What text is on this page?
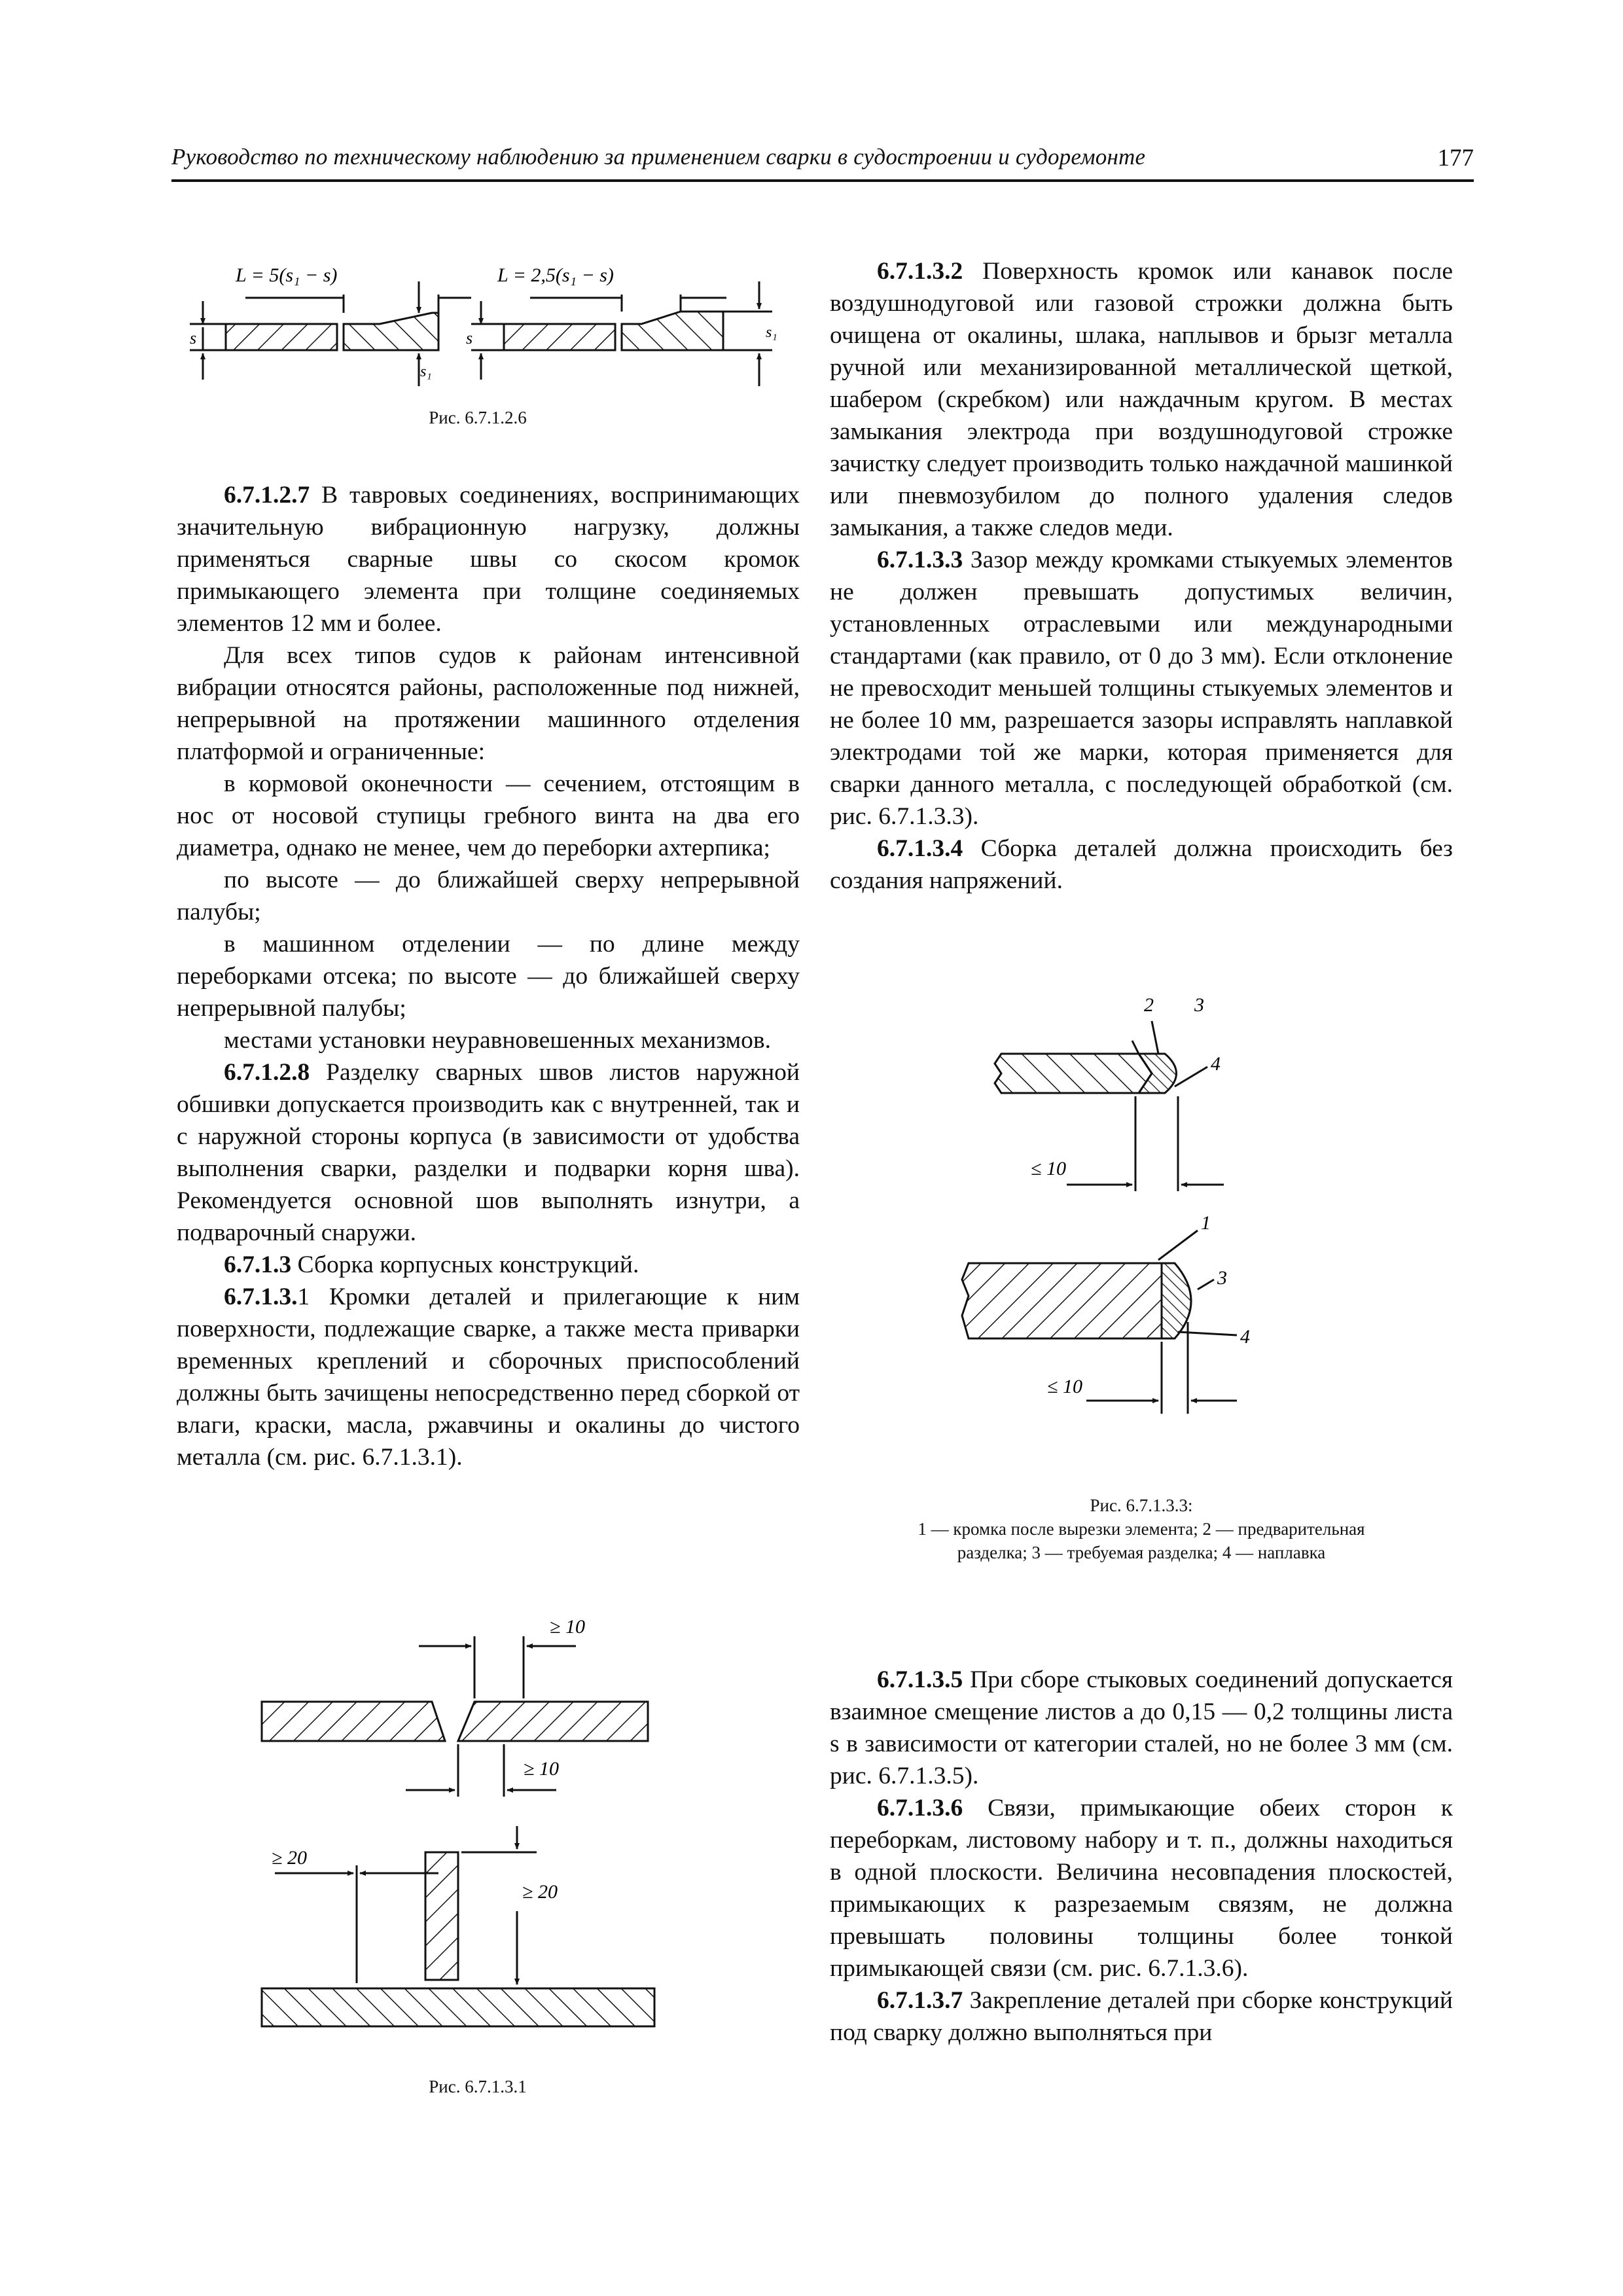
Руководство по техническому наблюдению за применением сварки в судостроении и судоремонте	177
L = 5(s₁ − s)	L = 2,5(s₁ − s)
s	s
s₁
s₁
Рис. 6.7.1.2.6

6.7.1.2.7 В тавровых соединениях, воспринимающих значительную вибрационную нагрузку, должны применяться сварные швы со скосом кромок примыкающего элемента при толщине соединяемых элементов 12 мм и более.

Для всех типов судов к районам интенсивной вибрации относятся районы, расположенные под нижней, непрерывной на протяжении машинного отделения платформой и ограниченные:

в кормовой оконечности — сечением, отстоящим в нос от носовой ступицы гребного винта на два его диаметра, однако не менее, чем до переборки ахтерпика;

по высоте — до ближайшей сверху непрерывной палубы;

в машинном отделении — по длине между переборками отсека; по высоте — до ближайшей сверху непрерывной палубы;

местами установки неуравновешенных механизмов.

6.7.1.2.8 Разделку сварных швов листов наружной обшивки допускается производить как с внутренней, так и с наружной стороны корпуса (в зависимости от удобства выполнения сварки, разделки и подварки корня шва). Рекомендуется основной шов выполнять изнутри, а подварочный снаружи.

6.7.1.3 Сборка корпусных конструкций.

6.7.1.3.1 Кромки деталей и прилегающие к ним поверхности, подлежащие сварке, а также места приварки временных креплений и сборочных приспособлений должны быть зачищены непосредственно перед сборкой от влаги, краски, масла, ржавчины и окалины до чистого металла (см. рис. 6.7.1.3.1).

≥ 10
≥ 10
≥ 20
≥ 20
Рис. 6.7.1.3.1

6.7.1.3.2 Поверхность кромок или канавок после воздушнодуговой или газовой строжки должна быть очищена от окалины, шлака, наплывов и брызг металла ручной или механизированной металлической щеткой, шабером (скребком) или наждачным кругом. В местах замыкания электрода при воздушнодуговой строжке зачистку следует производить только наждачной машинкой или пневмозубилом до полного удаления следов замыкания, а также следов меди.

6.7.1.3.3 Зазор между кромками стыкуемых элементов не должен превышать допустимых величин, установленных отраслевыми или международными стандартами (как правило, от 0 до 3 мм). Если отклонение не превосходит меньшей толщины стыкуемых элементов и не более 10 мм, разрешается зазоры исправлять наплавкой электродами той же марки, которая применяется для сварки данного металла, с последующей обработкой (см. рис. 6.7.1.3.3).

6.7.1.3.4 Сборка деталей должна происходить без создания напряжений.

2 3
4
≤ 10
1
3
4
≤ 10
Рис. 6.7.1.3.3:
1 — кромка после вырезки элемента; 2 — предварительная
разделка; 3 — требуемая разделка; 4 — наплавка

6.7.1.3.5 При сборе стыковых соединений допускается взаимное смещение листов a до 0,15 — 0,2 толщины листа s в зависимости от категории сталей, но не более 3 мм (см. рис. 6.7.1.3.5).

6.7.1.3.6 Связи, примыкающие обеих сторон к переборкам, листовому набору и т. п., должны находиться в одной плоскости. Величина несовпадения плоскостей, примыкающих к разрезаемым связям, не должна превышать половины толщины более тонкой примыкающей связи (см. рис. 6.7.1.3.6).

6.7.1.3.7 Закрепление деталей при сборке конструкций под сварку должно выполняться при
